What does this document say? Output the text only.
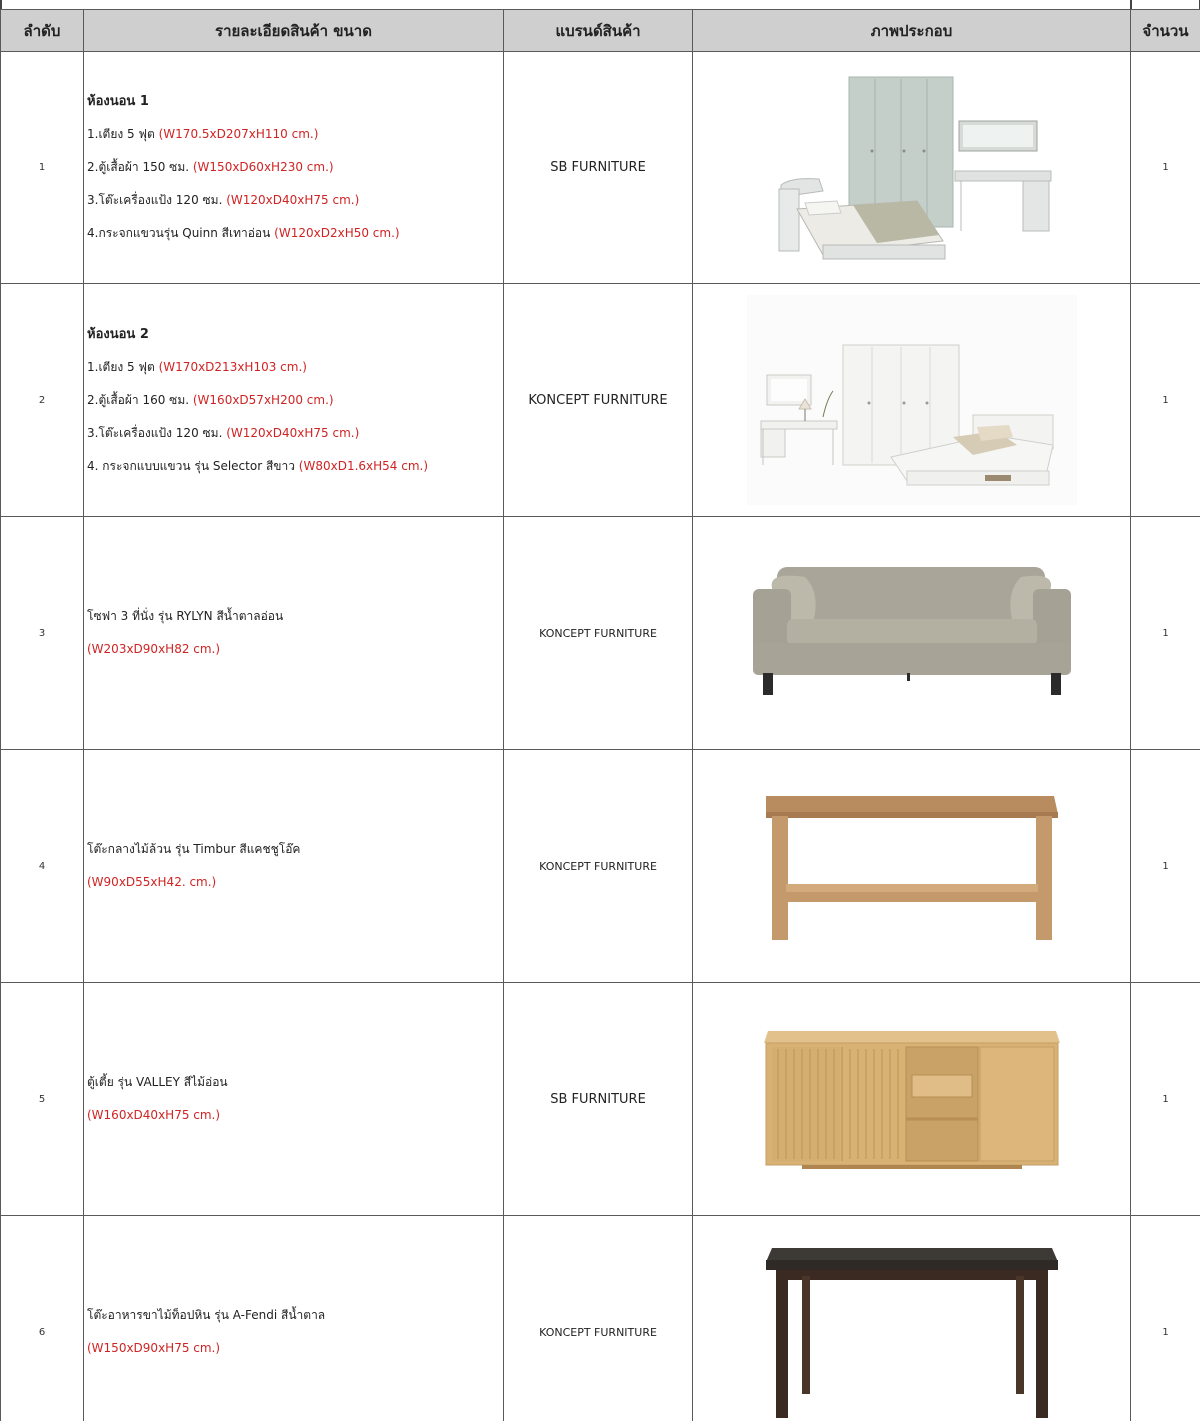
ลำดับ	รายละเอียดสินค้า ขนาด	แบรนด์สินค้า	ภาพประกอบ	จำนวน	
1	ห้องนอน 1
1.เตียง 5 ฟุต (W170.5xD207xH110 cm.)
2.ตู้เสื้อผ้า 150 ซม. (W150xD60xH230 cm.)
3.โต๊ะเครื่องแป้ง 120 ซม. (W120xD40xH75 cm.)
4.กระจกแขวนรุ่น Quinn สีเทาอ่อน (W120xD2xH50 cm.)	SB FURNITURE		1	
2	ห้องนอน 2
1.เตียง 5 ฟุต (W170xD213xH103 cm.)
2.ตู้เสื้อผ้า 160 ซม. (W160xD57xH200 cm.)
3.โต๊ะเครื่องแป้ง 120 ซม. (W120xD40xH75 cm.)
4. กระจกแบบแขวน รุ่น Selector สีขาว (W80xD1.6xH54 cm.)	KONCEPT FURNITURE		1	
3	โซฟา 3 ที่นั่ง รุ่น RYLYN สีน้ำตาลอ่อน
(W203xD90xH82 cm.)	KONCEPT FURNITURE		1	
4	โต๊ะกลางไม้ล้วน รุ่น Timbur สีแคชชูโอ๊ค
(W90xD55xH42. cm.)	KONCEPT FURNITURE		1	
5	ตู้เตี้ย รุ่น VALLEY สีไม้อ่อน
(W160xD40xH75 cm.)	SB FURNITURE		1	
6	โต๊ะอาหารขาไม้ท็อปหิน รุ่น A-Fendi สีน้ำตาล
(W150xD90xH75 cm.)	KONCEPT FURNITURE		1	
